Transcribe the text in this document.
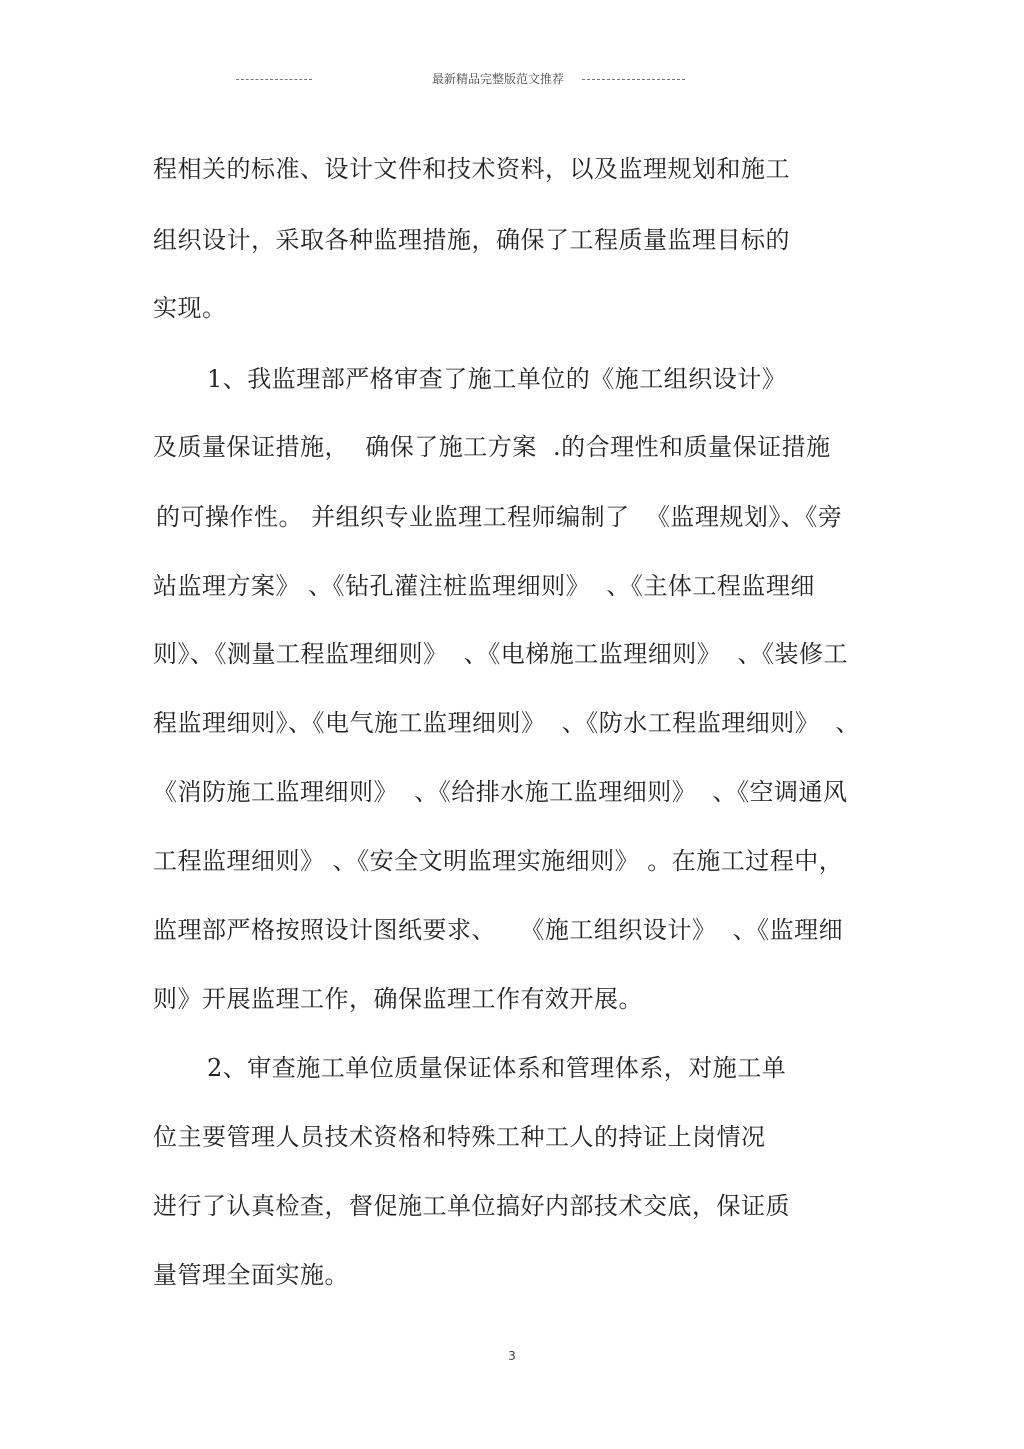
最新精品完整版范文推荐
程相关的标准、设计文件和技术资料，以及监理规划和施工
组织设计，采取各种监理措施，确保了工程质量监理目标的
实现。
1、我监理部严格审查了施工单位的《施工组织设计》
及质量保证措施，  确保了施工方案  .的合理性和质量保证措施
的可操作性。 并组织专业监理工程师编制了  《监理规划》、《旁
站监理方案》 、《钻孔灌注桩监理细则》  、《主体工程监理细
则》、《测量工程监理细则》  、《电梯施工监理细则》  、《装修工
程监理细则》、《电气施工监理细则》  、《防水工程监理细则》  、
《消防施工监理细则》  、《给排水施工监理细则》  、《空调通风
工程监理细则》 、《安全文明监理实施细则》 。在施工过程中，
监理部严格按照设计图纸要求、   《施工组织设计》  、《监理细
则》开展监理工作，确保监理工作有效开展。
2、审查施工单位质量保证体系和管理体系，对施工单
位主要管理人员技术资格和特殊工种工人的持证上岗情况
进行了认真检查，督促施工单位搞好内部技术交底，保证质
量管理全面实施。
3
